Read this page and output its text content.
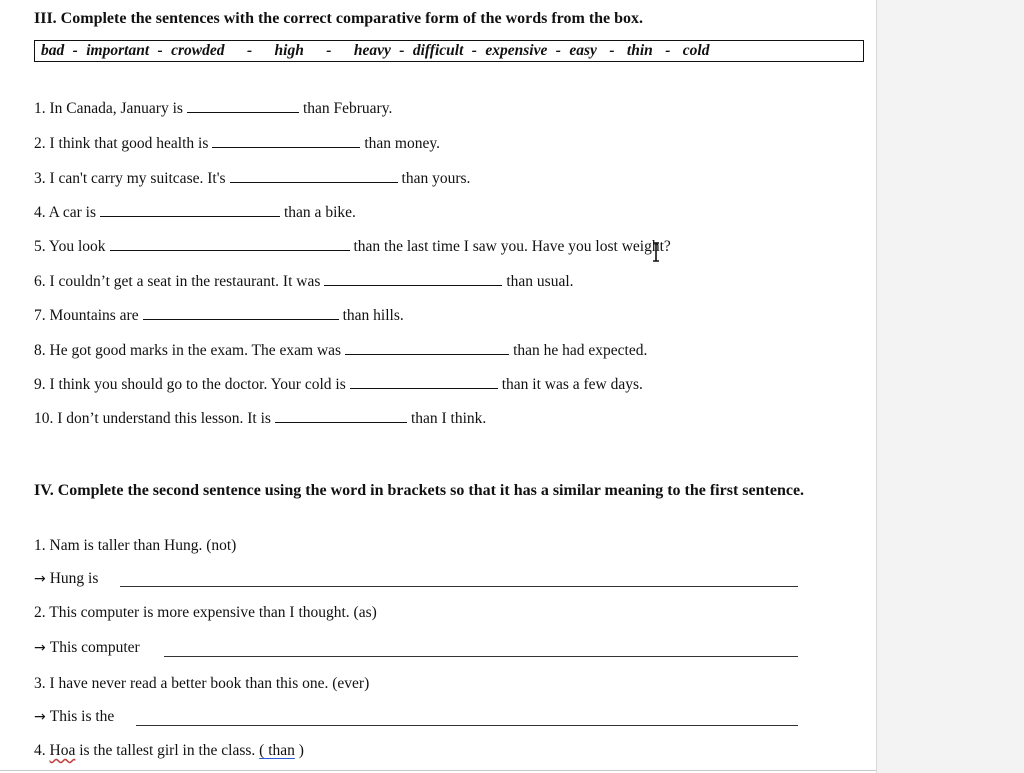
III. Complete the sentences with the correct comparative form of the words from the box.
bad - important - crowded	-	high	-	heavy - difficult - expensive - easy - thin - cold
1. In Canada, January is	than February.
2. I think that good health is	than money.
3. I can't carry my suitcase. It's	than yours.
4. A car is	than a bike.
5. You look	than the last time I saw you. Have you lost weight?
6. I couldn’t get a seat in the restaurant. It was	than usual.
7. Mountains are	than hills.
8. He got good marks in the exam. The exam was	than he had expected.
9. I think you should go to the doctor. Your cold is	than it was a few days.
10. I don’t understand this lesson. It is	than I think.
IV. Complete the second sentence using the word in brackets so that it has a similar meaning to the first sentence.
1. Nam is taller than Hung. (not)
→ Hung is
2. This computer is more expensive than I thought. (as)
→ This computer
3. I have never read a better book than this one. (ever)
→ This is the
4. Hoa is the tallest girl in the class. ( than )
